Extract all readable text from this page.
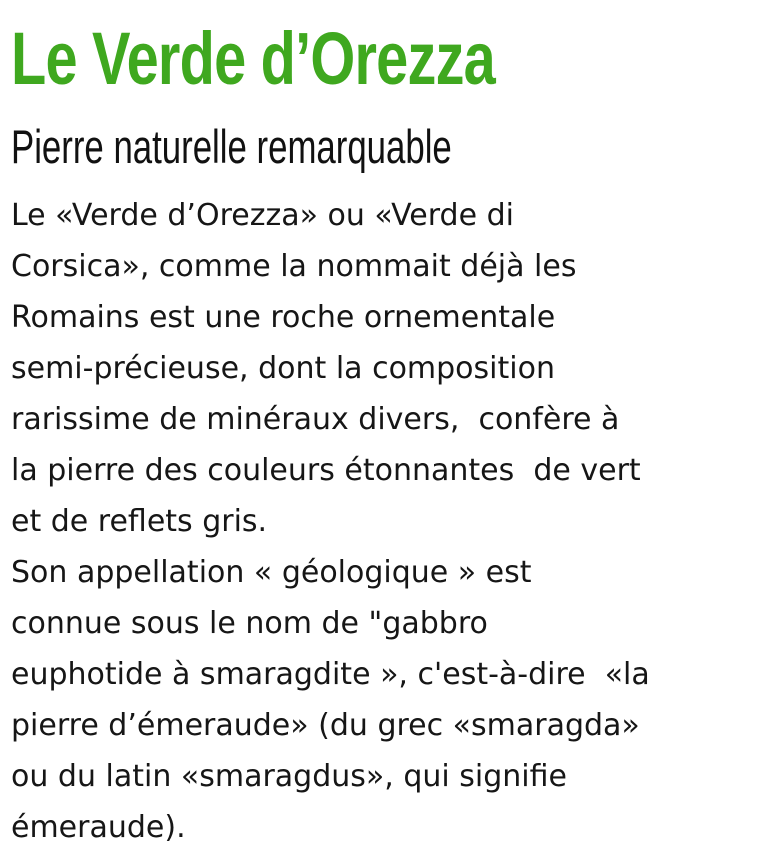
Le Verde d’Orezza
Pierre naturelle remarquable

Le «Verde d’Orezza» ou «Verde di
Corsica», comme la nommait déjà les
Romains est une roche ornementale
semi-précieuse, dont la composition
rarissime de minéraux divers,  confère à
la pierre des couleurs étonnantes  de vert
et de reflets gris.
Son appellation « géologique » est
connue sous le nom de "gabbro
euphotide à smaragdite », c'est-à-dire  «la
pierre d’émeraude» (du grec «smaragda»
ou du latin «smaragdus», qui signifie
émeraude).
